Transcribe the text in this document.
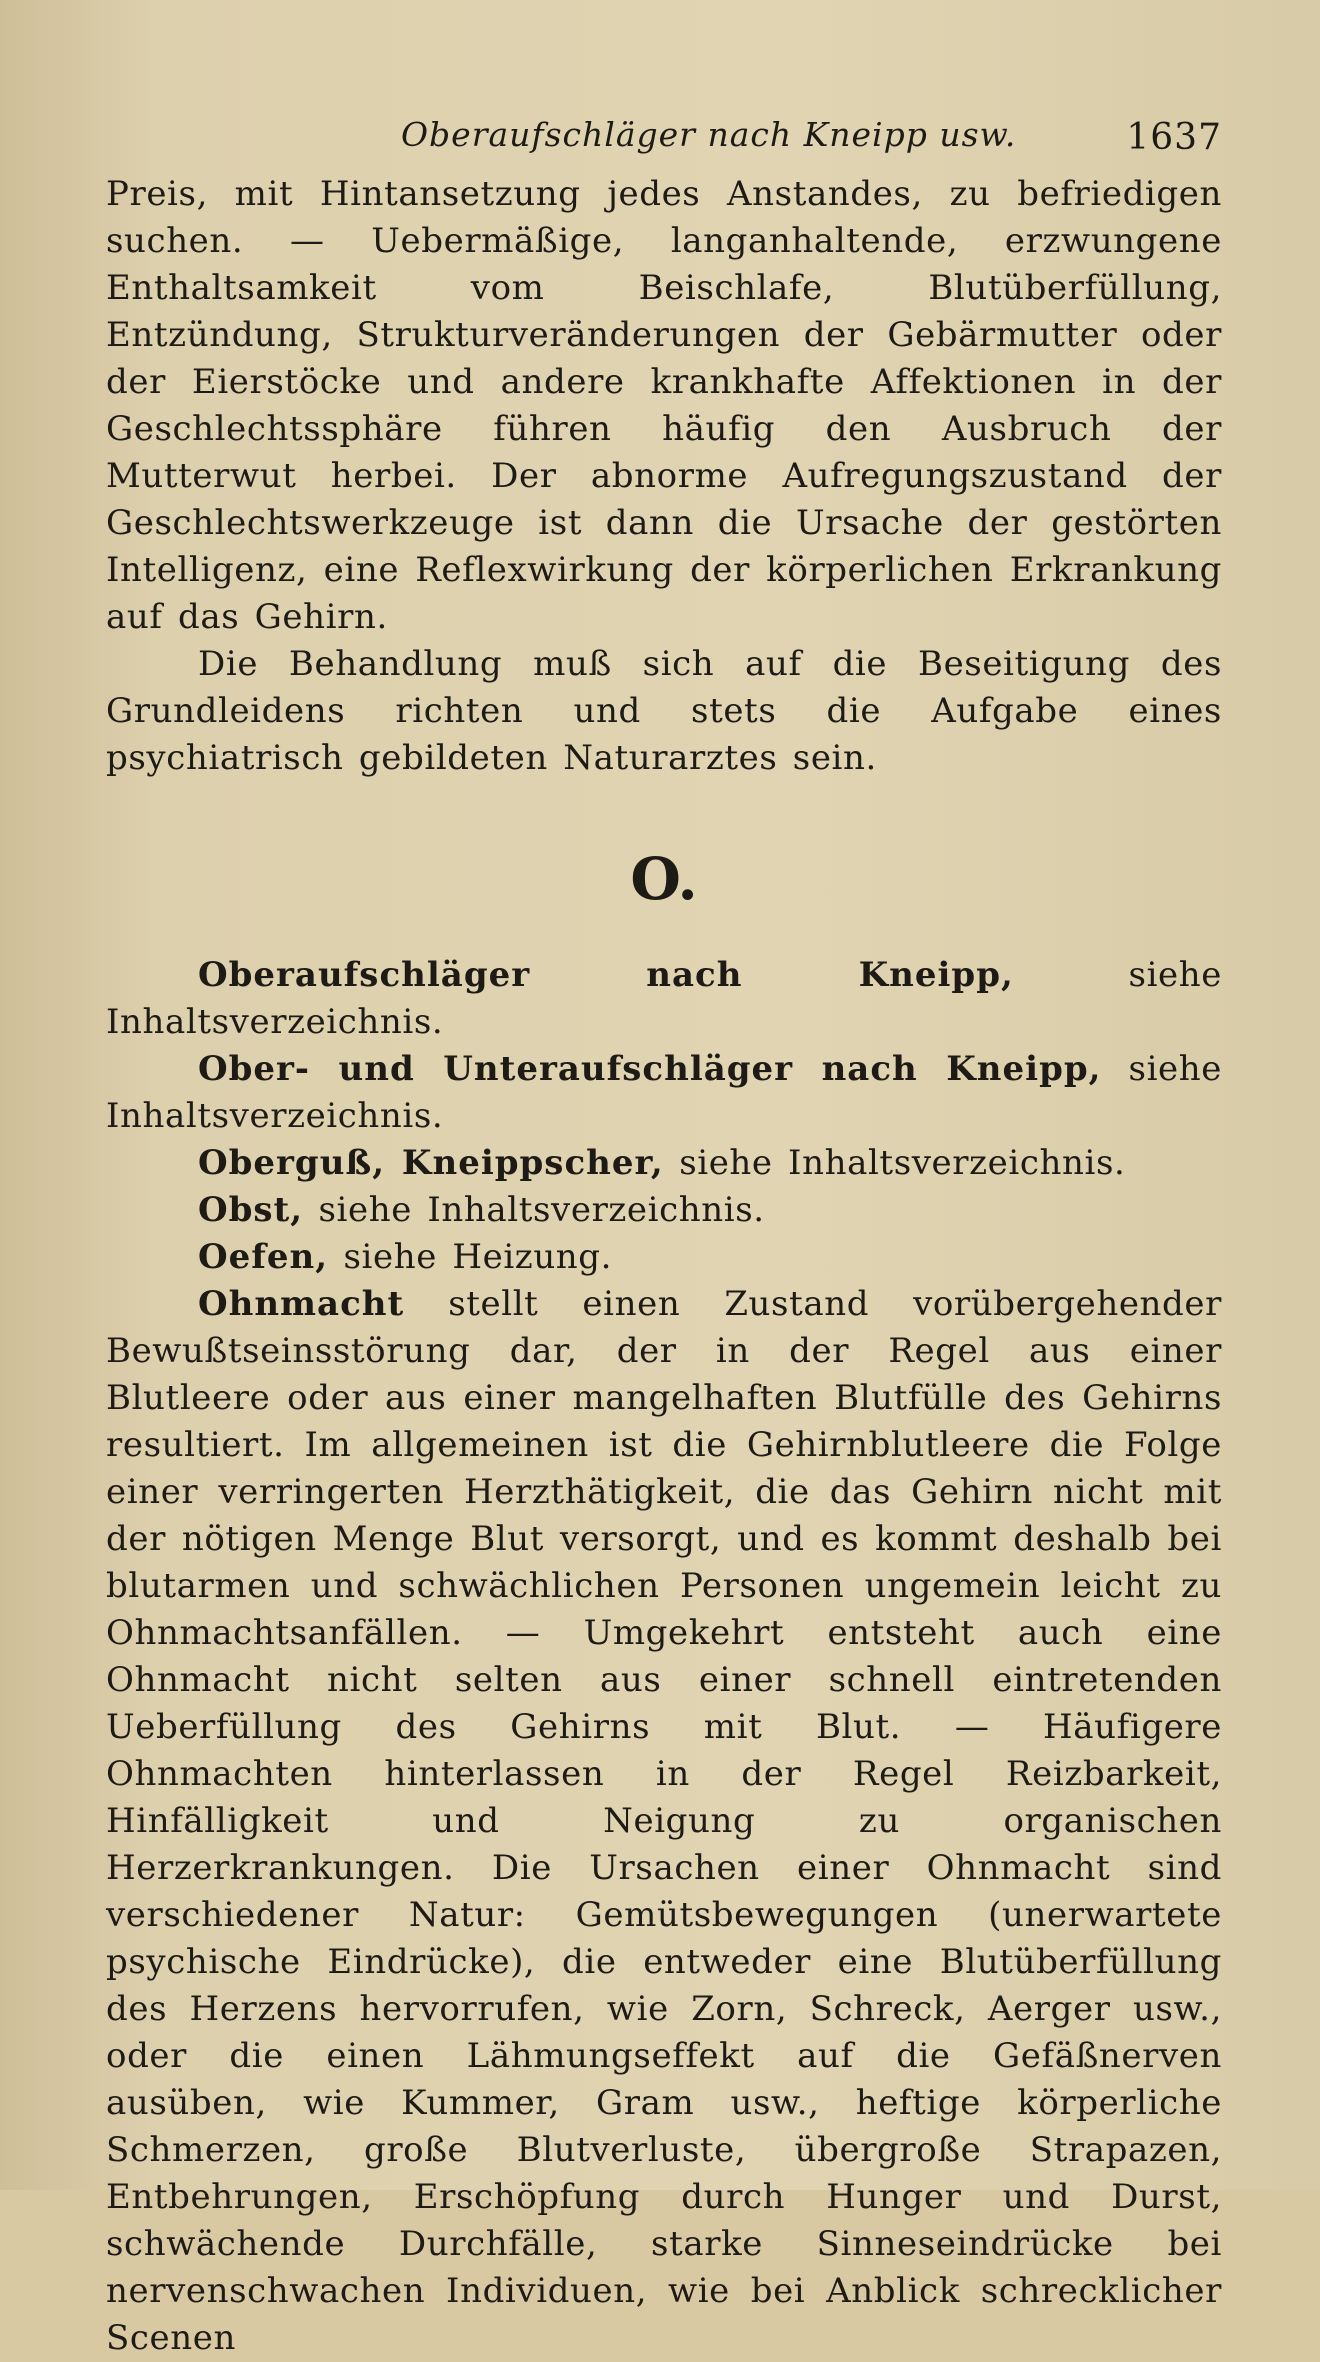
Oberaufschläger nach Kneipp usw.	1637

Preis, mit Hintansetzung jedes Anstandes, zu befriedigen suchen. — Uebermäßige, langanhaltende, erzwungene Enthaltsamkeit vom Beischlafe, Blutüberfüllung, Entzündung, Strukturveränderungen der Gebärmutter oder der Eierstöcke und andere krankhafte Affektionen in der Geschlechtssphäre führen häufig den Ausbruch der Mutterwut herbei. Der abnorme Aufregungszustand der Geschlechtswerkzeuge ist dann die Ursache der gestörten Intelligenz, eine Reflexwirkung der körperlichen Erkrankung auf das Gehirn.

Die Behandlung muß sich auf die Beseitigung des Grundleidens richten und stets die Aufgabe eines psychiatrisch gebildeten Naturarztes sein.

O.

Oberaufschläger nach Kneipp, siehe Inhaltsverzeichnis.

Ober- und Unteraufschläger nach Kneipp, siehe Inhaltsverzeichnis.

Oberguß, Kneippscher, siehe Inhaltsverzeichnis.

Obst, siehe Inhaltsverzeichnis.

Oefen, siehe Heizung.

Ohnmacht stellt einen Zustand vorübergehender Bewußtseinsstörung dar, der in der Regel aus einer Blutleere oder aus einer mangelhaften Blutfülle des Gehirns resultiert. Im allgemeinen ist die Gehirnblutleere die Folge einer verringerten Herzthätigkeit, die das Gehirn nicht mit der nötigen Menge Blut versorgt, und es kommt deshalb bei blutarmen und schwächlichen Personen ungemein leicht zu Ohnmachtsanfällen. — Umgekehrt entsteht auch eine Ohnmacht nicht selten aus einer schnell eintretenden Ueberfüllung des Gehirns mit Blut. — Häufigere Ohnmachten hinterlassen in der Regel Reizbarkeit, Hinfälligkeit und Neigung zu organischen Herzerkrankungen. Die Ursachen einer Ohnmacht sind verschiedener Natur: Gemütsbewegungen (unerwartete psychische Eindrücke), die entweder eine Blutüberfüllung des Herzens hervorrufen, wie Zorn, Schreck, Aerger usw., oder die einen Lähmungseffekt auf die Gefäßnerven ausüben, wie Kummer, Gram usw., heftige körperliche Schmerzen, große Blutverluste, übergroße Strapazen, Entbehrungen, Erschöpfung durch Hunger und Durst, schwächende Durchfälle, starke Sinneseindrücke bei nervenschwachen Individuen, wie bei Anblick schrecklicher Scenen
